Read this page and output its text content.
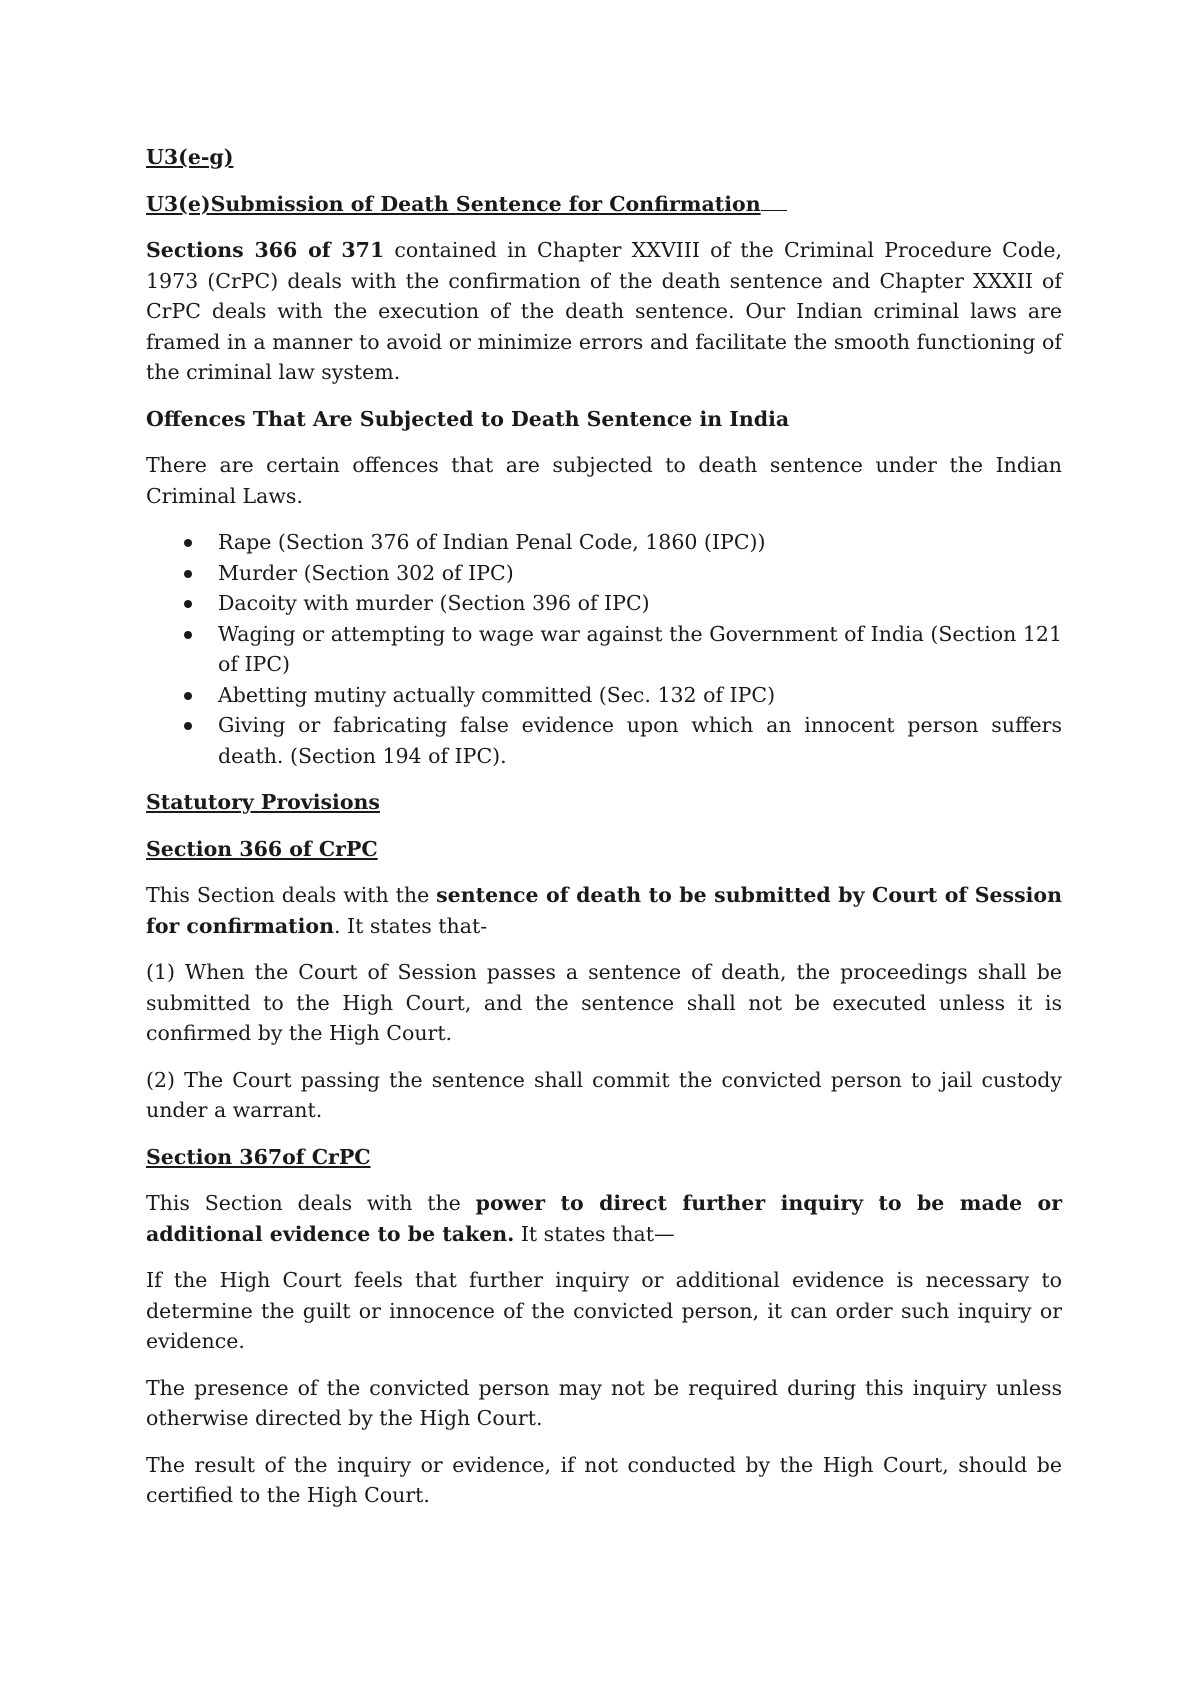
U3(e-g)

U3(e)Submission of Death Sentence for Confirmation

Sections 366 of 371 contained in Chapter XXVIII of the Criminal Procedure Code, 1973 (CrPC) deals with the confirmation of the death sentence and Chapter XXXII of CrPC deals with the execution of the death sentence. Our Indian criminal laws are framed in a manner to avoid or minimize errors and facilitate the smooth functioning of the criminal law system.

Offences That Are Subjected to Death Sentence in India

There are certain offences that are subjected to death sentence under the Indian Criminal Laws.

Rape (Section 376 of Indian Penal Code, 1860 (IPC))
Murder (Section 302 of IPC)
Dacoity with murder (Section 396 of IPC)
Waging or attempting to wage war against the Government of India (Section 121 of IPC)
Abetting mutiny actually committed (Sec. 132 of IPC)
Giving or fabricating false evidence upon which an innocent person suffers death. (Section 194 of IPC).

Statutory Provisions

Section 366 of CrPC

This Section deals with the sentence of death to be submitted by Court of Session for confirmation. It states that-

(1) When the Court of Session passes a sentence of death, the proceedings shall be submitted to the High Court, and the sentence shall not be executed unless it is confirmed by the High Court.

(2) The Court passing the sentence shall commit the convicted person to jail custody under a warrant.

Section 367of CrPC

This Section deals with the power to direct further inquiry to be made or additional evidence to be taken. It states that—

If the High Court feels that further inquiry or additional evidence is necessary to determine the guilt or innocence of the convicted person, it can order such inquiry or evidence.

The presence of the convicted person may not be required during this inquiry unless otherwise directed by the High Court.

The result of the inquiry or evidence, if not conducted by the High Court, should be certified to the High Court.
